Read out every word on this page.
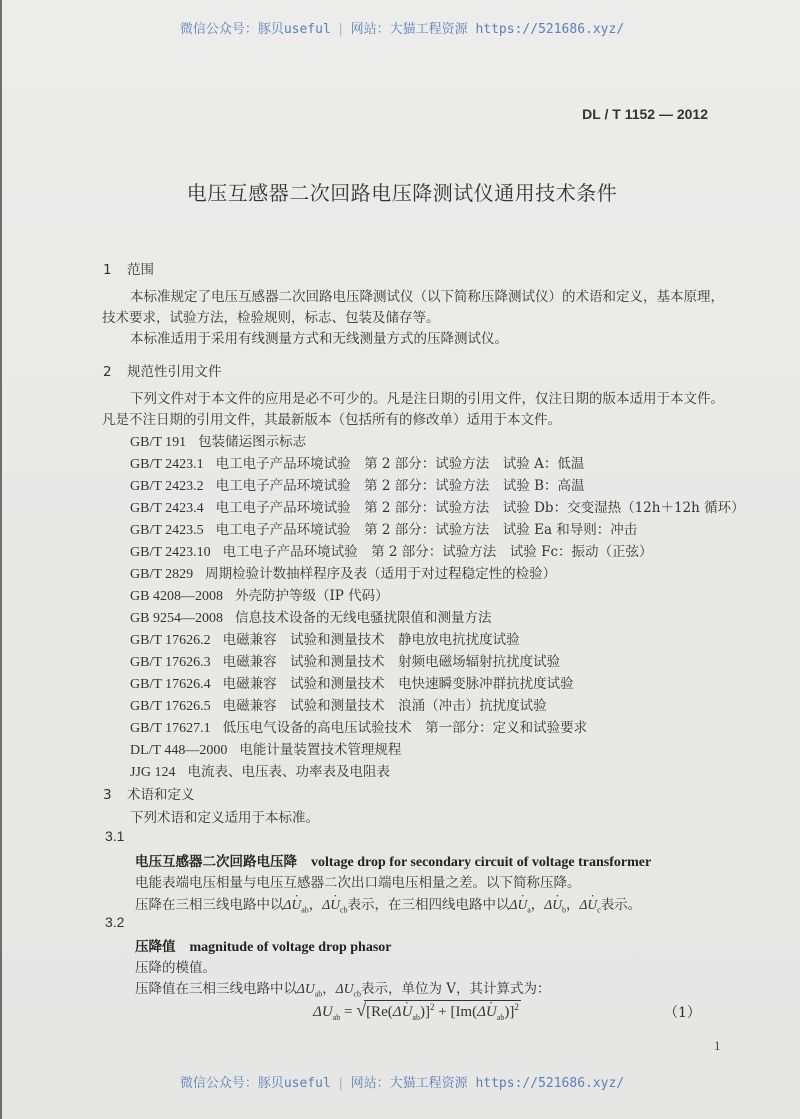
微信公众号：豚贝useful | 网站：大猫工程资源 https://521686.xyz/
DL / T 1152 — 2012
电压互感器二次回路电压降测试仪通用技术条件
1 范围
本标准规定了电压互感器二次回路电压降测试仪（以下简称压降测试仪）的术语和定义，基本原理，
技术要求，试验方法，检验规则，标志、包装及储存等。
本标准适用于采用有线测量方式和无线测量方式的压降测试仪。
2 规范性引用文件
下列文件对于本文件的应用是必不可少的。凡是注日期的引用文件，仅注日期的版本适用于本文件。
凡是不注日期的引用文件，其最新版本（包括所有的修改单）适用于本文件。
GB/T 191 包装储运图示标志
GB/T 2423.1 电工电子产品环境试验　第 2 部分：试验方法　试验 A：低温
GB/T 2423.2 电工电子产品环境试验　第 2 部分：试验方法　试验 B：高温
GB/T 2423.4 电工电子产品环境试验　第 2 部分：试验方法　试验 Db：交变湿热（12h＋12h 循环）
GB/T 2423.5 电工电子产品环境试验　第 2 部分：试验方法　试验 Ea 和导则：冲击
GB/T 2423.10 电工电子产品环境试验　第 2 部分：试验方法　试验 Fc：振动（正弦）
GB/T 2829 周期检验计数抽样程序及表（适用于对过程稳定性的检验）
GB 4208—2008 外壳防护等级（IP 代码）
GB 9254—2008 信息技术设备的无线电骚扰限值和测量方法
GB/T 17626.2 电磁兼容　试验和测量技术　静电放电抗扰度试验
GB/T 17626.3 电磁兼容　试验和测量技术　射频电磁场辐射抗扰度试验
GB/T 17626.4 电磁兼容　试验和测量技术　电快速瞬变脉冲群抗扰度试验
GB/T 17626.5 电磁兼容　试验和测量技术　浪涌（冲击）抗扰度试验
GB/T 17627.1 低压电气设备的高电压试验技术　第一部分：定义和试验要求
DL/T 448—2000 电能计量装置技术管理规程
JJG 124 电流表、电压表、功率表及电阻表
3 术语和定义
下列术语和定义适用于本标准。
3.1
电压互感器二次回路电压降 voltage drop for secondary circuit of voltage transformer
电能表端电压相量与电压互感器二次出口端电压相量之差。以下简称压降。
压降在三相三线电路中以$\Delta\cdot U_{ab}$，$\Delta\cdot U_{cb}$表示，在三相四线电路中以$\Delta\cdot U_a$，$\Delta\cdot U_b$，$\Delta\cdot U_c$表示。
3.2
压降值 magnitude of voltage drop phasor
压降的模值。
压降值在三相三线电路中以$\Delta U_{ab}$，$\Delta U_{cb}$表示，单位为 V，其计算式为：
$\Delta U_{ab} = √[Re(\Delta\cdot U_{ab})]^2 + [Im(\Delta\cdot U_{ab})]^2$	（1）
1
微信公众号：豚贝useful | 网站：大猫工程资源 https://521686.xyz/
